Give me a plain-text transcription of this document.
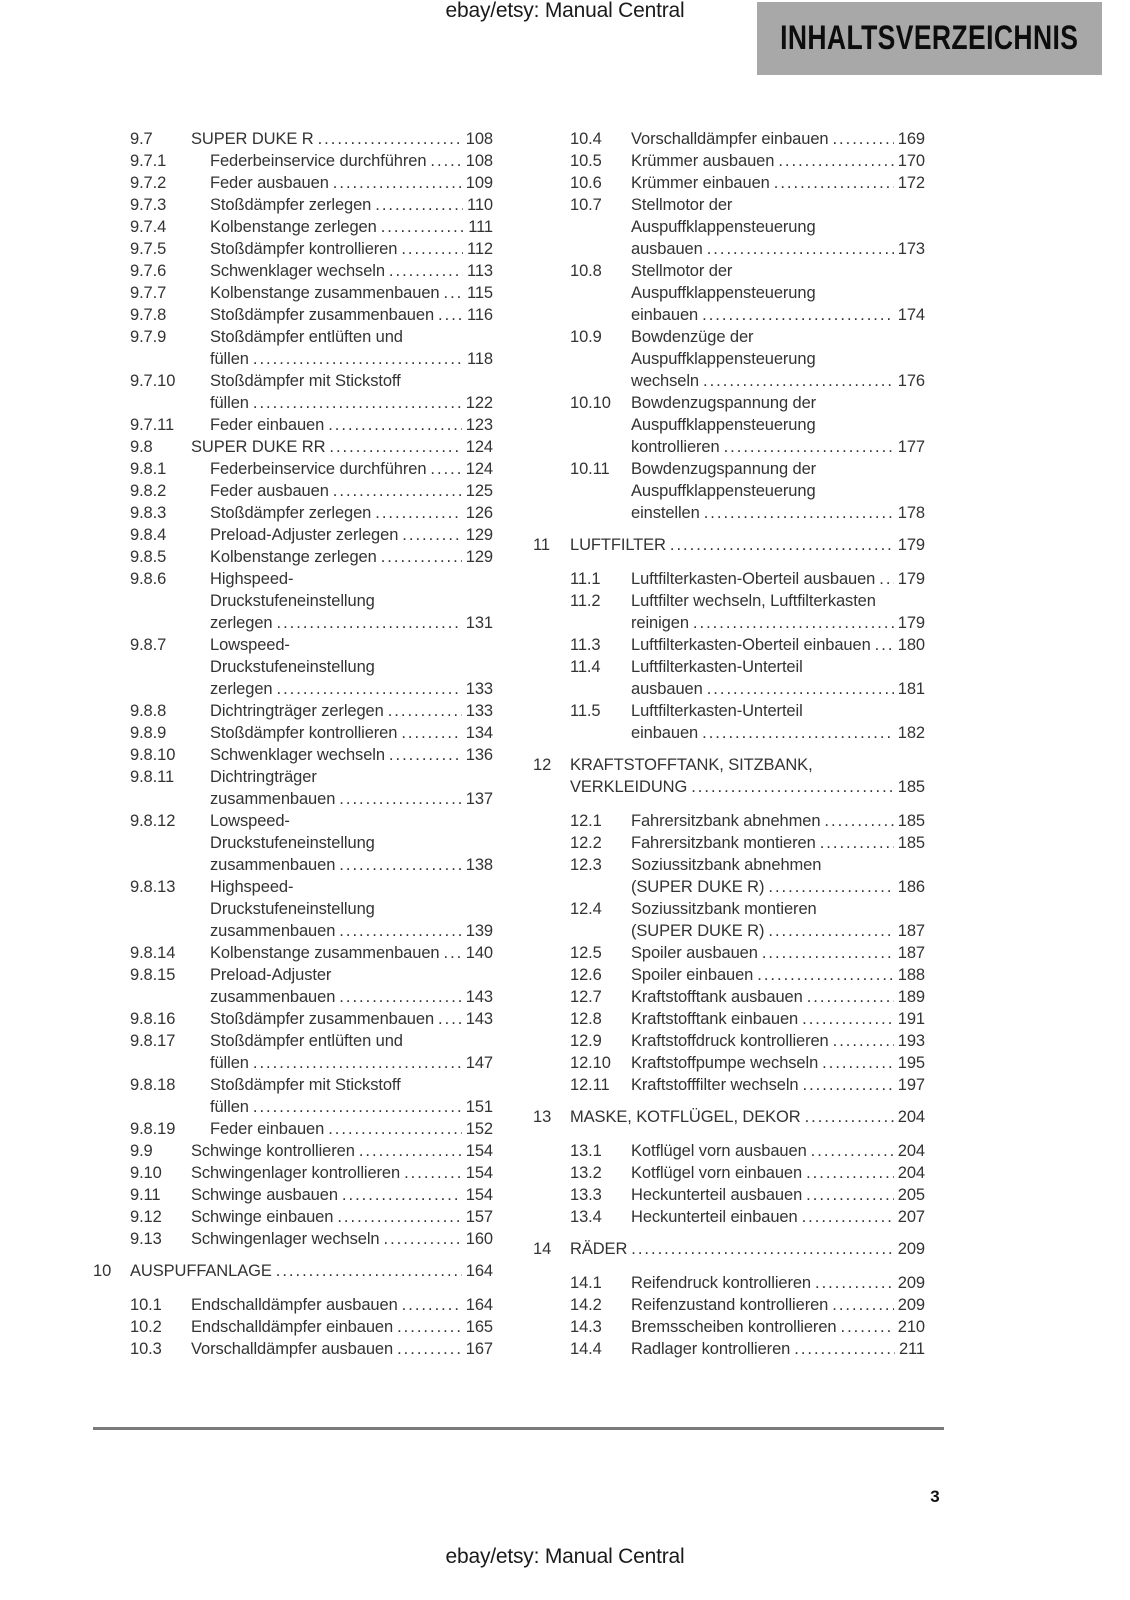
ebay/etsy: Manual Central
INHALTSVERZEICHNIS
9.7	SUPER DUKE R .....	108
9.7.1	Federbeinservice durchführen ..... 108
9.7.2	Feder ausbauen .....	109
9.7.3	Stoßdämpfer zerlegen .....	110
9.7.4	Kolbenstange zerlegen .....	111
9.7.5	Stoßdämpfer kontrollieren .....	112
9.7.6	Schwenklager wechseln .....	113
9.7.7	Kolbenstange zusammenbauen ..... 115
9.7.8	Stoßdämpfer zusammenbauen ..... 116
9.7.9	Stoßdämpfer entlüften und
füllen .....	118
9.7.10	Stoßdämpfer mit Stickstoff
füllen .....	122
9.7.11	Feder einbauen .....	123
9.8	SUPER DUKE RR .....	124
9.8.1	Federbeinservice durchführen ..... 124
9.8.2	Feder ausbauen .....	125
9.8.3	Stoßdämpfer zerlegen .....	126
9.8.4	Preload-Adjuster zerlegen .....	129
9.8.5	Kolbenstange zerlegen .....	129
9.8.6	Highspeed-
Druckstufeneinstellung
zerlegen .....	131
9.8.7	Lowspeed-
Druckstufeneinstellung
zerlegen .....	133
9.8.8	Dichtringträger zerlegen .....	133
9.8.9	Stoßdämpfer kontrollieren .....	134
9.8.10	Schwenklager wechseln .....	136
9.8.11	Dichtringträger
zusammenbauen .....	137
9.8.12	Lowspeed-
Druckstufeneinstellung
zusammenbauen .....	138
9.8.13	Highspeed-
Druckstufeneinstellung
zusammenbauen .....	139
9.8.14	Kolbenstange zusammenbauen ..... 140
9.8.15	Preload-Adjuster
zusammenbauen .....	143
9.8.16	Stoßdämpfer zusammenbauen ..... 143
9.8.17	Stoßdämpfer entlüften und
füllen .....	147
9.8.18	Stoßdämpfer mit Stickstoff
füllen .....	151
9.8.19	Feder einbauen .....	152
9.9	Schwinge kontrollieren .....	154
9.10	Schwingenlager kontrollieren .....	154
9.11	Schwinge ausbauen .....	154
9.12	Schwinge einbauen .....	157
9.13	Schwingenlager wechseln .....	160
10	AUSPUFFANLAGE .....	164
10.1	Endschalldämpfer ausbauen .....	164
10.2	Endschalldämpfer einbauen .....	165
10.3	Vorschalldämpfer ausbauen .....	167
10.4	Vorschalldämpfer einbauen .....	169
10.5	Krümmer ausbauen .....	170
10.6	Krümmer einbauen .....	172
10.7	Stellmotor der
Auspuffklappensteuerung
ausbauen .....	173
10.8	Stellmotor der
Auspuffklappensteuerung
einbauen .....	174
10.9	Bowdenzüge der
Auspuffklappensteuerung
wechseln .....	176
10.10	Bowdenzugspannung der
Auspuffklappensteuerung
kontrollieren .....	177
10.11	Bowdenzugspannung der
Auspuffklappensteuerung
einstellen .....	178
11	LUFTFILTER .....	179
11.1	Luftfilterkasten-Oberteil ausbauen ..... 179
11.2	Luftfilter wechseln, Luftfilterkasten
reinigen .....	179
11.3	Luftfilterkasten-Oberteil einbauen ..... 180
11.4	Luftfilterkasten-Unterteil
ausbauen .....	181
11.5	Luftfilterkasten-Unterteil
einbauen .....	182
12	KRAFTSTOFFTANK, SITZBANK,
VERKLEIDUNG .....	185
12.1	Fahrersitzbank abnehmen .....	185
12.2	Fahrersitzbank montieren .....	185
12.3	Soziussitzbank abnehmen
(SUPER DUKE R) .....	186
12.4	Soziussitzbank montieren
(SUPER DUKE R) .....	187
12.5	Spoiler ausbauen .....	187
12.6	Spoiler einbauen .....	188
12.7	Kraftstofftank ausbauen .....	189
12.8	Kraftstofftank einbauen .....	191
12.9	Kraftstoffdruck kontrollieren .....	193
12.10	Kraftstoffpumpe wechseln .....	195
12.11	Kraftstofffilter wechseln .....	197
13	MASKE, KOTFLÜGEL, DEKOR .....	204
13.1	Kotflügel vorn ausbauen .....	204
13.2	Kotflügel vorn einbauen .....	204
13.3	Heckunterteil ausbauen .....	205
13.4	Heckunterteil einbauen .....	207
14	RÄDER .....	209
14.1	Reifendruck kontrollieren .....	209
14.2	Reifenzustand kontrollieren .....	209
14.3	Bremsscheiben kontrollieren .....	210
14.4	Radlager kontrollieren .....	211
3
ebay/etsy: Manual Central
